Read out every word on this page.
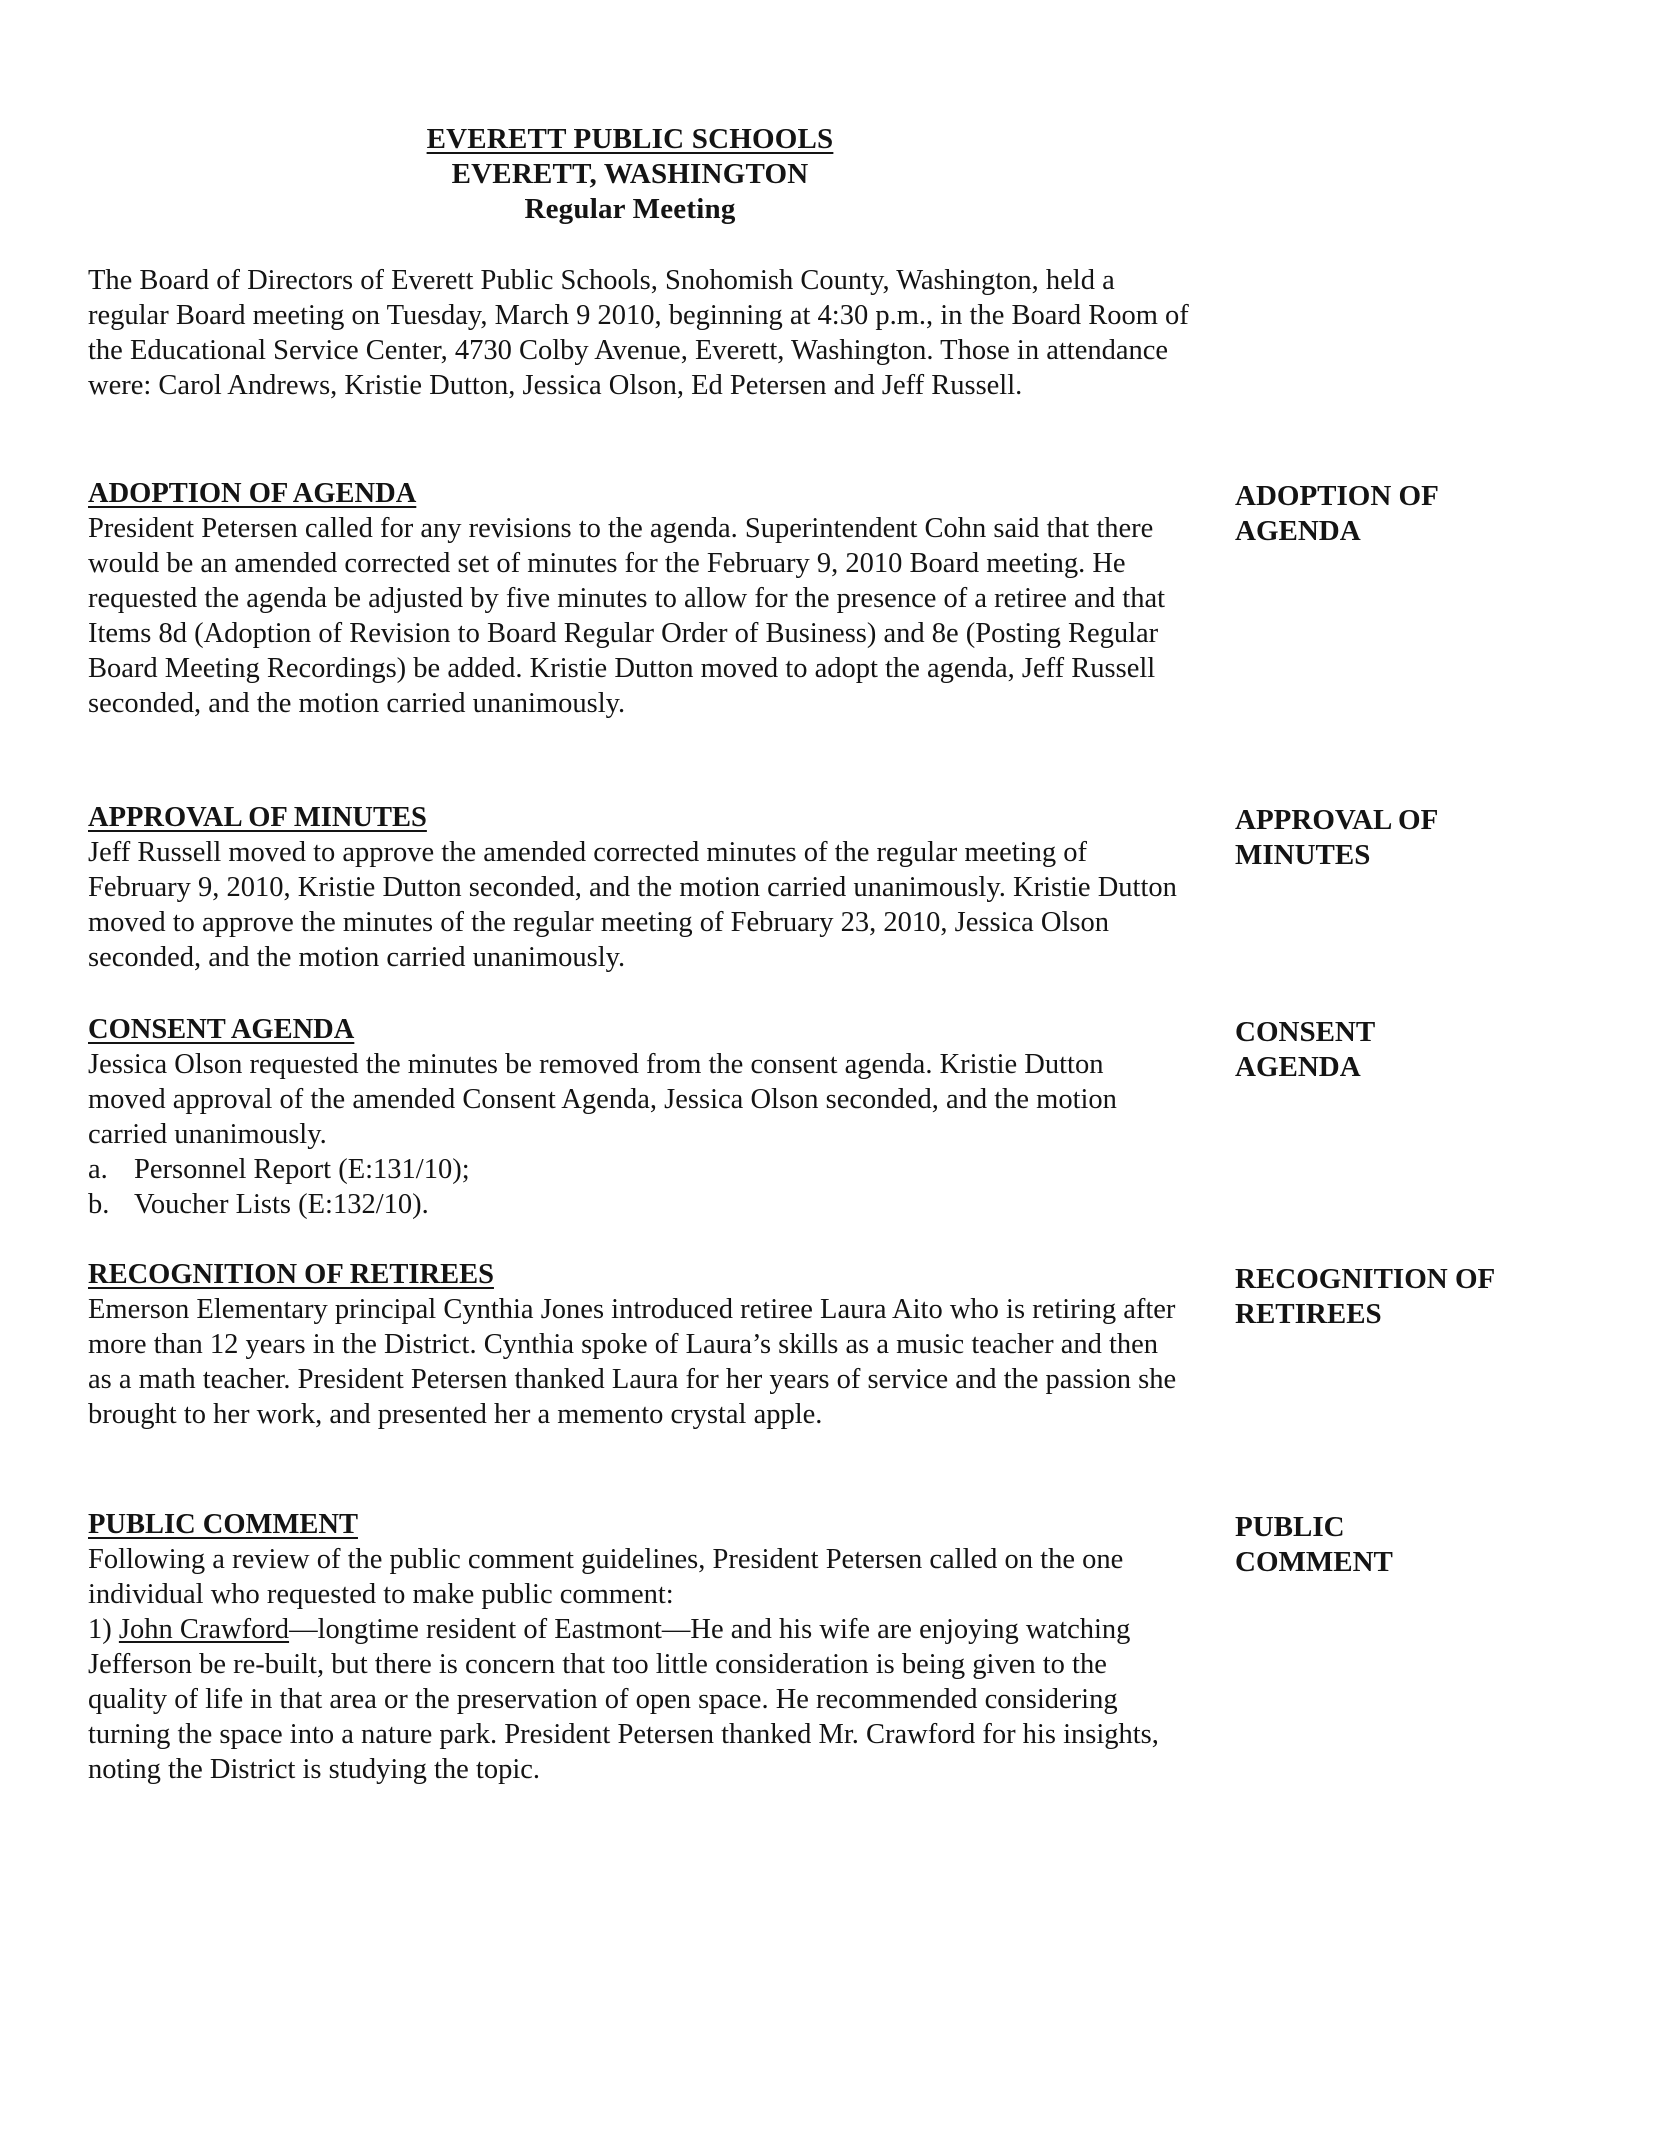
EVERETT PUBLIC SCHOOLS
EVERETT, WASHINGTON
Regular Meeting

The Board of Directors of Everett Public Schools, Snohomish County, Washington, held a regular Board meeting on Tuesday, March 9 2010, beginning at 4:30 p.m., in the Board Room of the Educational Service Center, 4730 Colby Avenue, Everett, Washington. Those in attendance were: Carol Andrews, Kristie Dutton, Jessica Olson, Ed Petersen and Jeff Russell.

ADOPTION OF AGENDA

President Petersen called for any revisions to the agenda. Superintendent Cohn said that there would be an amended corrected set of minutes for the February 9, 2010 Board meeting. He requested the agenda be adjusted by five minutes to allow for the presence of a retiree and that Items 8d (Adoption of Revision to Board Regular Order of Business) and 8e (Posting Regular Board Meeting Recordings) be added. Kristie Dutton moved to adopt the agenda, Jeff Russell seconded, and the motion carried unanimously.

ADOPTION OF
AGENDA
APPROVAL OF MINUTES

Jeff Russell moved to approve the amended corrected minutes of the regular meeting of February 9, 2010, Kristie Dutton seconded, and the motion carried unanimously. Kristie Dutton moved to approve the minutes of the regular meeting of February 23, 2010, Jessica Olson seconded, and the motion carried unanimously.

APPROVAL OF
MINUTES
CONSENT AGENDA

Jessica Olson requested the minutes be removed from the consent agenda. Kristie Dutton moved approval of the amended Consent Agenda, Jessica Olson seconded, and the motion carried unanimously.

a. Personnel Report (E:131/10);
b. Voucher Lists (E:132/10).
CONSENT
AGENDA
RECOGNITION OF RETIREES

Emerson Elementary principal Cynthia Jones introduced retiree Laura Aito who is retiring after more than 12 years in the District. Cynthia spoke of Laura’s skills as a music teacher and then as a math teacher. President Petersen thanked Laura for her years of service and the passion she brought to her work, and presented her a memento crystal apple.

RECOGNITION OF
RETIREES
PUBLIC COMMENT

Following a review of the public comment guidelines, President Petersen called on the one individual who requested to make public comment:

1) John Crawford—longtime resident of Eastmont—He and his wife are enjoying watching Jefferson be re-built, but there is concern that too little consideration is being given to the quality of life in that area or the preservation of open space. He recommended considering turning the space into a nature park. President Petersen thanked Mr. Crawford for his insights, noting the District is studying the topic.

PUBLIC
COMMENT
